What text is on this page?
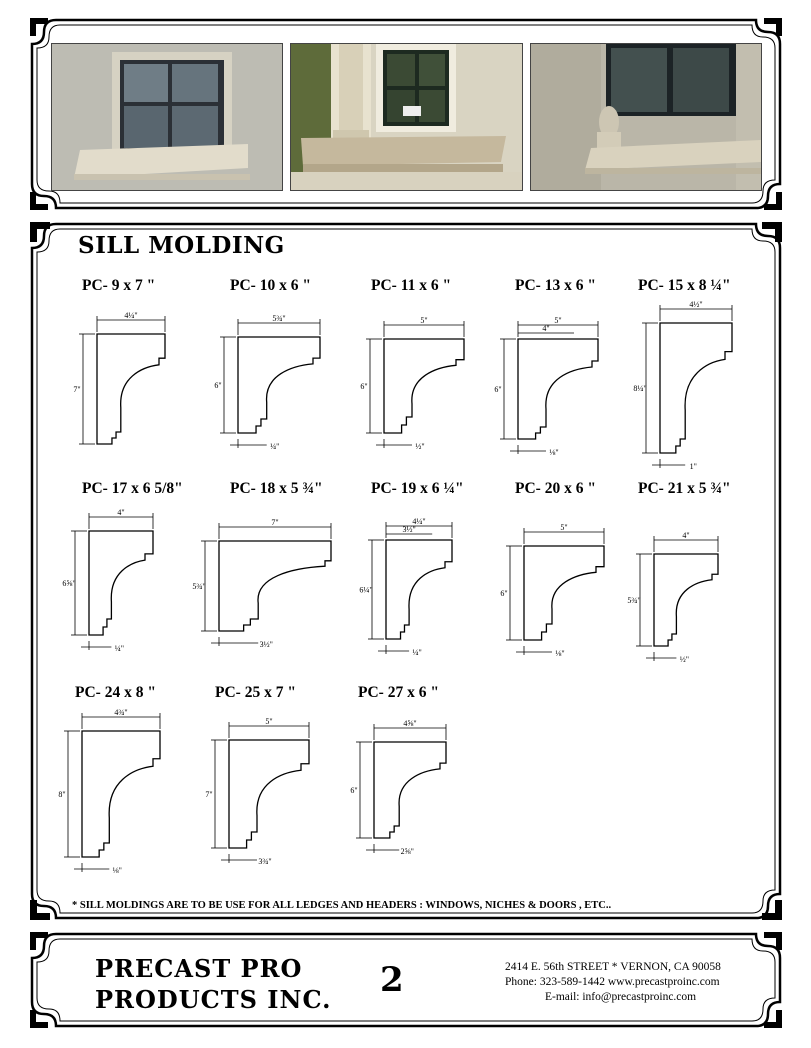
SILL MOLDING
PC- 9 x 7 "	PC- 10 x 6 "	PC- 11 x 6 "	PC- 13 x 6 "	PC- 15 x 8 ¼"
PC- 17 x 6 5/8"	PC- 18 x 5 ¾"	PC- 19 x 6 ¼"	PC- 20 x 6 "	PC- 21 x 5 ¾"
PC- 24 x 8 "	PC- 25 x 7 "	PC- 27 x 6 "
4¼"
7"
5¾"
6"
¼"
5"
6"
½"
5"
4"
6"
⅛"
4½"
8¼"
1"
4"
6⅝"
¼"
7"
5¾"
3½"
4¼"
3½"
6¼"
¼"
5"
6"
⅛"
4"
5¾"
½"
4¾"
8"
⅛"
5"
7"
3¾"
4⅝"
6"
2⅝"
* SILL MOLDINGS ARE TO BE USE FOR ALL LEDGES AND HEADERS : WINDOWS, NICHES & DOORS , ETC..
PRECAST PRO
PRODUCTS INC. 2	2414 E. 56th STREET * VERNON, CA 90058
Phone: 323-589-1442 www.precastproinc.com
E-mail: info@precastproinc.com
